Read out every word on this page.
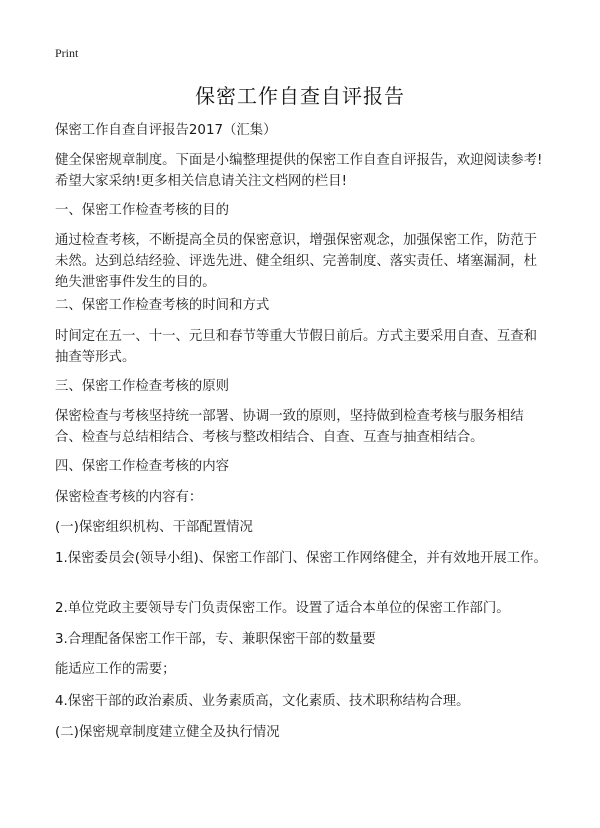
Print
保密工作自查自评报告
保密工作自查自评报告2017（汇集）
健全保密规章制度。下面是小编整理提供的保密工作自查自评报告，欢迎阅读参考!希望大家采纳!更多相关信息请关注文档网的栏目!
一、保密工作检查考核的目的
通过检查考核，不断提高全员的保密意识，增强保密观念，加强保密工作，防范于未然。达到总结经验、评选先进、健全组织、完善制度、落实责任、堵塞漏洞，杜绝失泄密事件发生的目的。
二、保密工作检查考核的时间和方式
时间定在五一、十一、元旦和春节等重大节假日前后。方式主要采用自查、互查和抽查等形式。
三、保密工作检查考核的原则
保密检查与考核坚持统一部署、协调一致的原则，坚持做到检查考核与服务相结合、检查与总结相结合、考核与整改相结合、自查、互查与抽查相结合。
四、保密工作检查考核的内容
保密检查考核的内容有：
(一)保密组织机构、干部配置情况
1.保密委员会(领导小组)、保密工作部门、保密工作网络健全，并有效地开展工作。
2.单位党政主要领导专门负责保密工作。设置了适合本单位的保密工作部门。
3.合理配备保密工作干部，专、兼职保密干部的数量要
能适应工作的需要；
4.保密干部的政治素质、业务素质高，文化素质、技术职称结构合理。
(二)保密规章制度建立健全及执行情况
